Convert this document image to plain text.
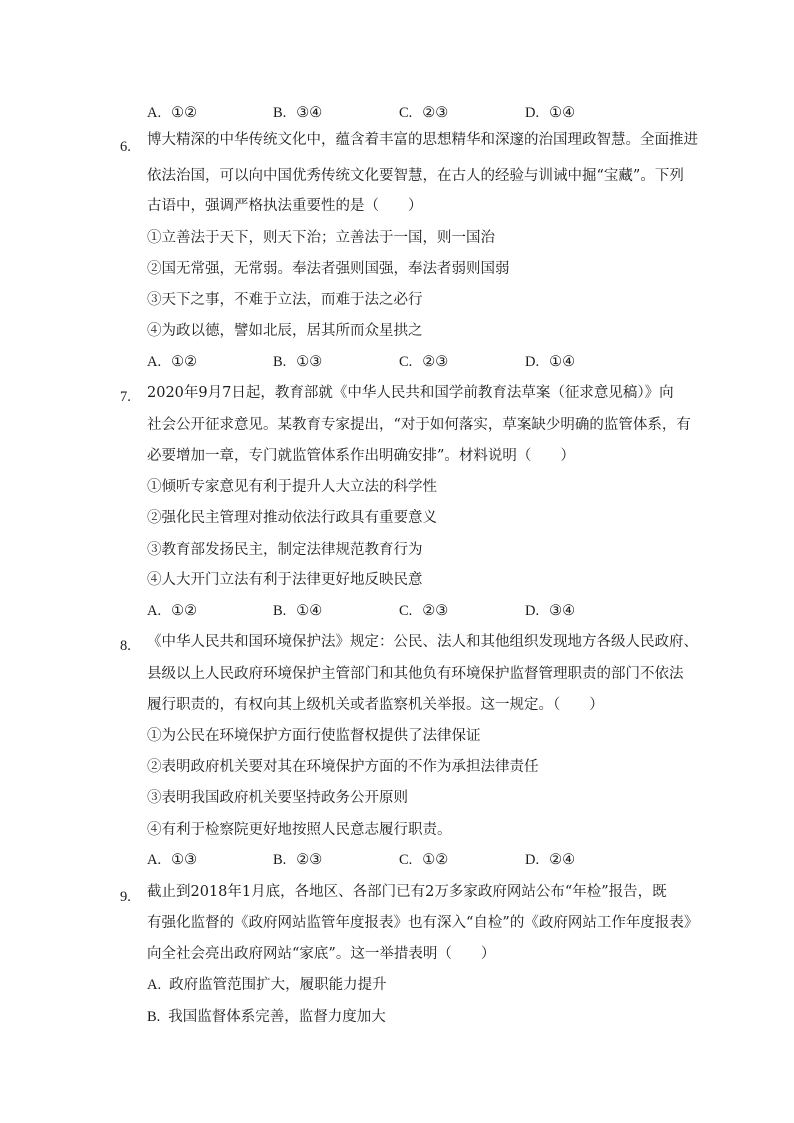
A. ①②	B. ③④	C. ②③	D. ①④
6. 博大精深的中华传统文化中，蕴含着丰富的思想精华和深邃的治国理政智慧。全面推进
依法治国，可以向中国优秀传统文化要智慧，在古人的经验与训诫中掘“宝藏”。下列
古语中，强调严格执法重要性的是（　　）
①立善法于天下，则天下治；立善法于一国，则一国治
②国无常强，无常弱。奉法者强则国强，奉法者弱则国弱
③天下之事，不难于立法，而难于法之必行
④为政以德，譬如北辰，居其所而众星拱之
A. ①②	B. ①③	C. ②③	D. ①④
7. 2020年9月7日起，教育部就《中华人民共和国学前教育法草案（征求意见稿）》向
社会公开征求意见。某教育专家提出，“对于如何落实，草案缺少明确的监管体系，有
必要增加一章，专门就监管体系作出明确安排”。材料说明（　　）
①倾听专家意见有利于提升人大立法的科学性
②强化民主管理对推动依法行政具有重要意义
③教育部发扬民主，制定法律规范教育行为
④人大开门立法有利于法律更好地反映民意
A. ①②	B. ①④	C. ②③	D. ③④
8. 《中华人民共和国环境保护法》规定：公民、法人和其他组织发现地方各级人民政府、
县级以上人民政府环境保护主管部门和其他负有环境保护监督管理职责的部门不依法
履行职责的，有权向其上级机关或者监察机关举报。这一规定。（　　）
①为公民在环境保护方面行使监督权提供了法律保证
②表明政府机关要对其在环境保护方面的不作为承担法律责任
③表明我国政府机关要坚持政务公开原则
④有利于检察院更好地按照人民意志履行职责。
A. ①③	B. ②③	C. ①②	D. ②④
9. 截止到2018年1月底，各地区、各部门已有2万多家政府网站公布“年检”报告，既
有强化监督的《政府网站监管年度报表》也有深入“自检”的《政府网站工作年度报表》
向全社会亮出政府网站“家底”。这一举措表明（　　）
A. 政府监管范围扩大，履职能力提升
B. 我国监督体系完善，监督力度加大
